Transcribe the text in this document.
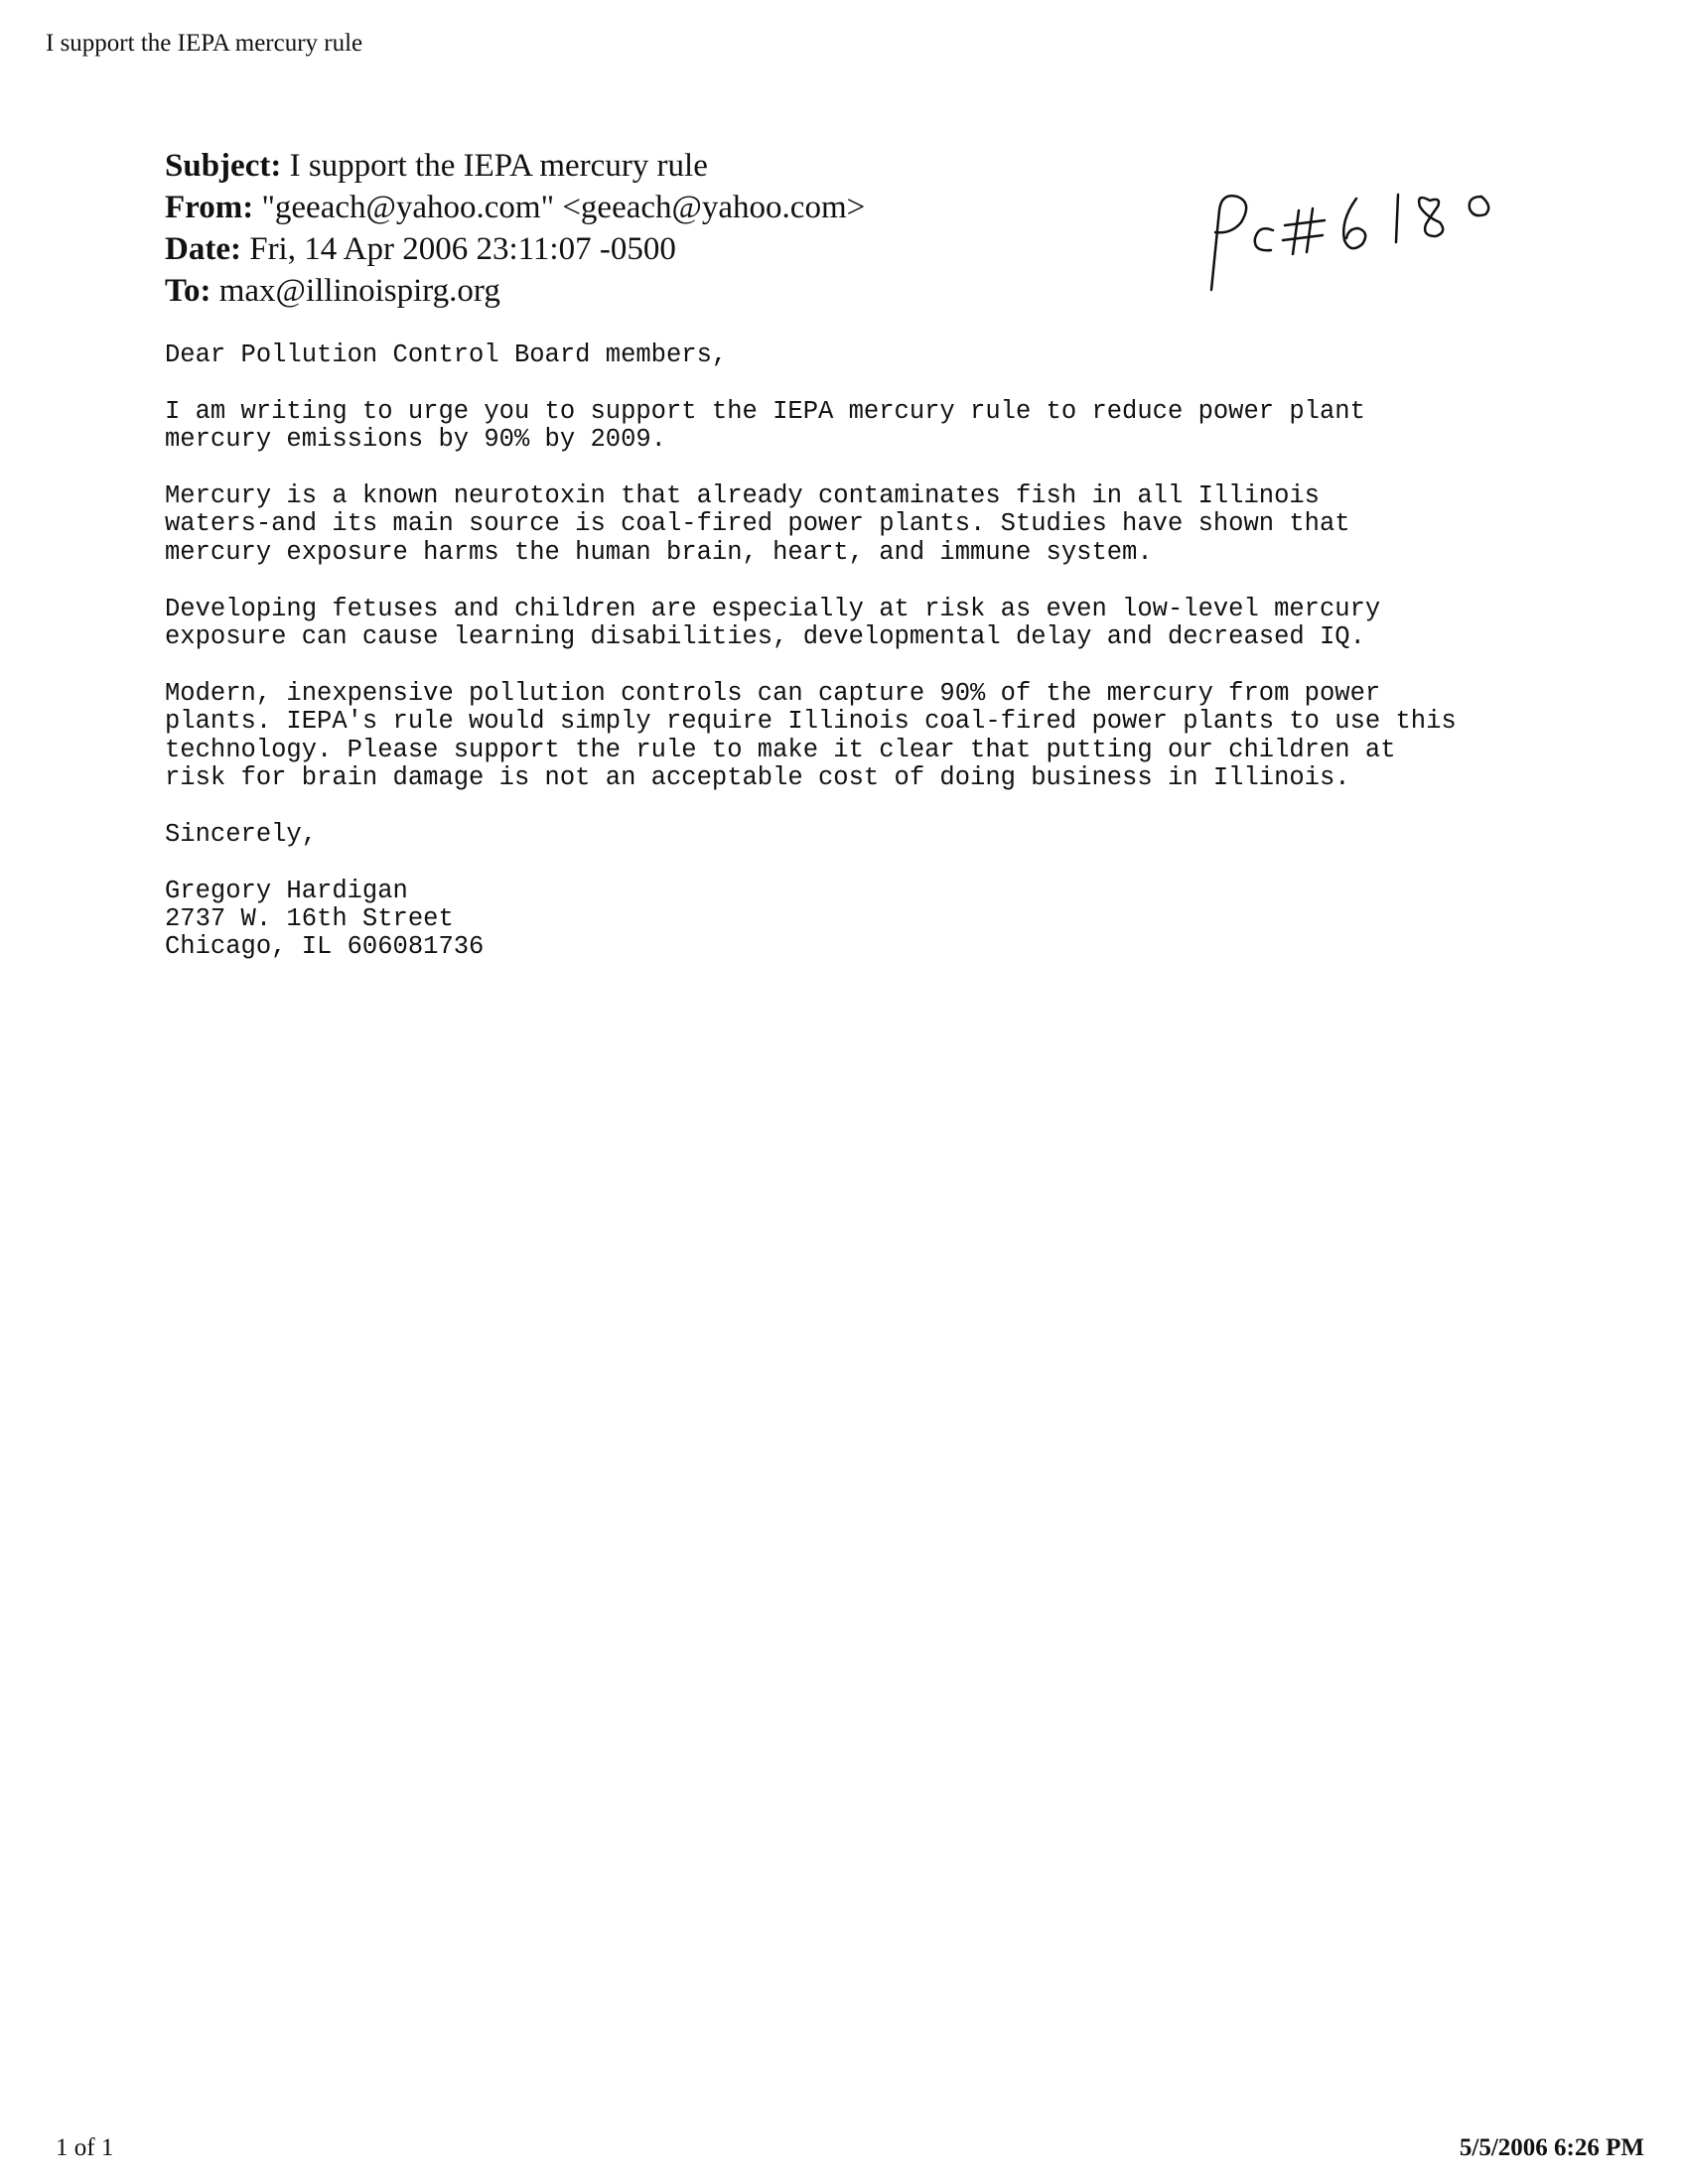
I support the IEPA mercury rule
Subject: I support the IEPA mercury rule
From: "geeach@yahoo.com" <geeach@yahoo.com>
Date: Fri, 14 Apr 2006 23:11:07 -0500
To: max@illinoispirg.org

Dear Pollution Control Board members,

I am writing to urge you to support the IEPA mercury rule to reduce power plant
mercury emissions by 90% by 2009.

Mercury is a known neurotoxin that already contaminates fish in all Illinois
waters-and its main source is coal-fired power plants. Studies have shown that
mercury exposure harms the human brain, heart, and immune system.

Developing fetuses and children are especially at risk as even low-level mercury
exposure can cause learning disabilities, developmental delay and decreased IQ.

Modern, inexpensive pollution controls can capture 90% of the mercury from power
plants. IEPA's rule would simply require Illinois coal-fired power plants to use this
technology. Please support the rule to make it clear that putting our children at
risk for brain damage is not an acceptable cost of doing business in Illinois.

Sincerely,

Gregory Hardigan
2737 W. 16th Street
Chicago, IL 606081736

1 of 1	5/5/2006 6:26 PM
